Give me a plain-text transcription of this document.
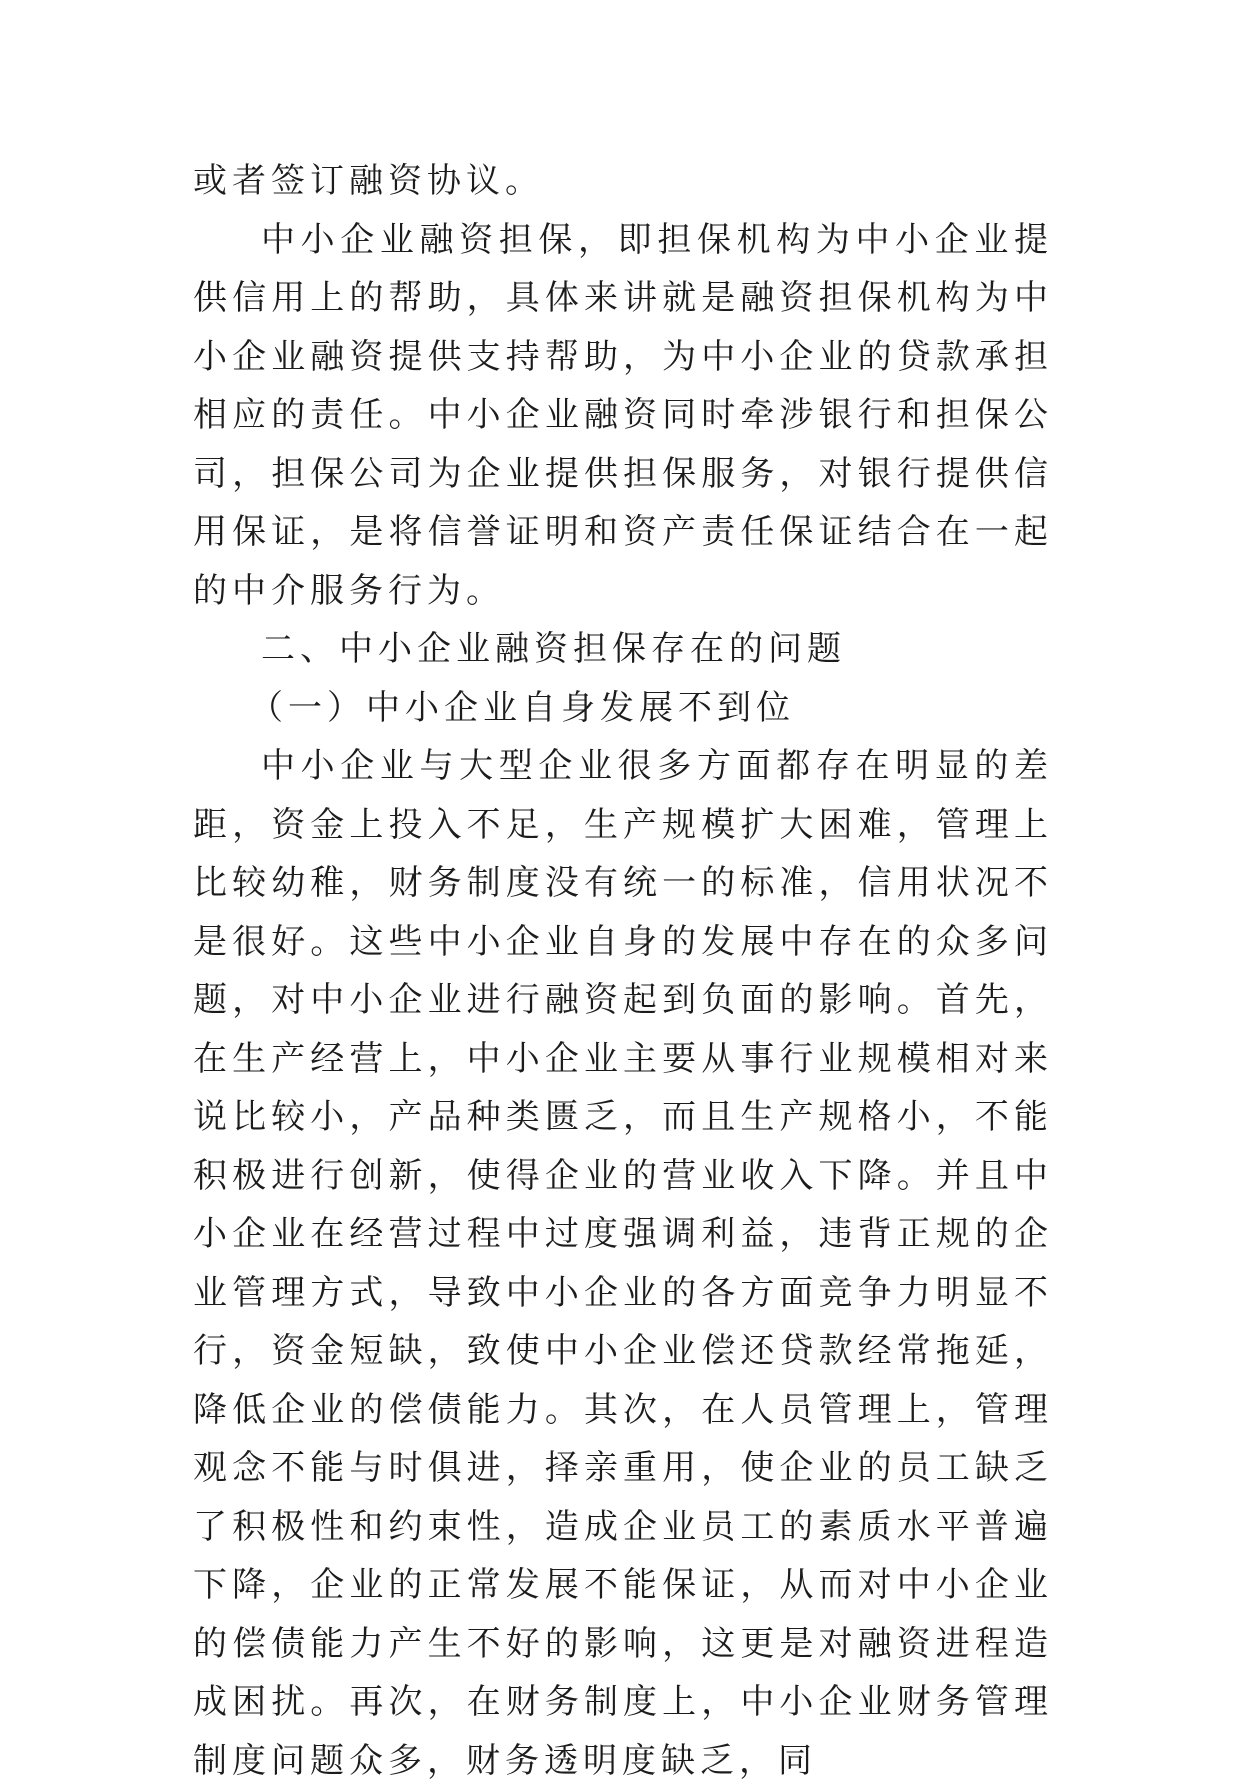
或者签订融资协议。

中小企业融资担保，即担保机构为中小企业提供信用上的帮助，具体来讲就是融资担保机构为中小企业融资提供支持帮助，为中小企业的贷款承担相应的责任。中小企业融资同时牵涉银行和担保公司，担保公司为企业提供担保服务，对银行提供信用保证，是将信誉证明和资产责任保证结合在一起的中介服务行为。

二、中小企业融资担保存在的问题

（一）中小企业自身发展不到位

中小企业与大型企业很多方面都存在明显的差距，资金上投入不足，生产规模扩大困难，管理上比较幼稚，财务制度没有统一的标准，信用状况不是很好。这些中小企业自身的发展中存在的众多问题，对中小企业进行融资起到负面的影响。首先，在生产经营上，中小企业主要从事行业规模相对来说比较小，产品种类匮乏，而且生产规格小，不能积极进行创新，使得企业的营业收入下降。并且中小企业在经营过程中过度强调利益，违背正规的企业管理方式，导致中小企业的各方面竞争力明显不行，资金短缺，致使中小企业偿还贷款经常拖延，降低企业的偿债能力。其次，在人员管理上，管理观念不能与时俱进，择亲重用，使企业的员工缺乏了积极性和约束性，造成企业员工的素质水平普遍下降，企业的正常发展不能保证，从而对中小企业的偿债能力产生不好的影响，这更是对融资进程造成困扰。再次，在财务制度上，中小企业财务管理制度问题众多，财务透明度缺乏，同
